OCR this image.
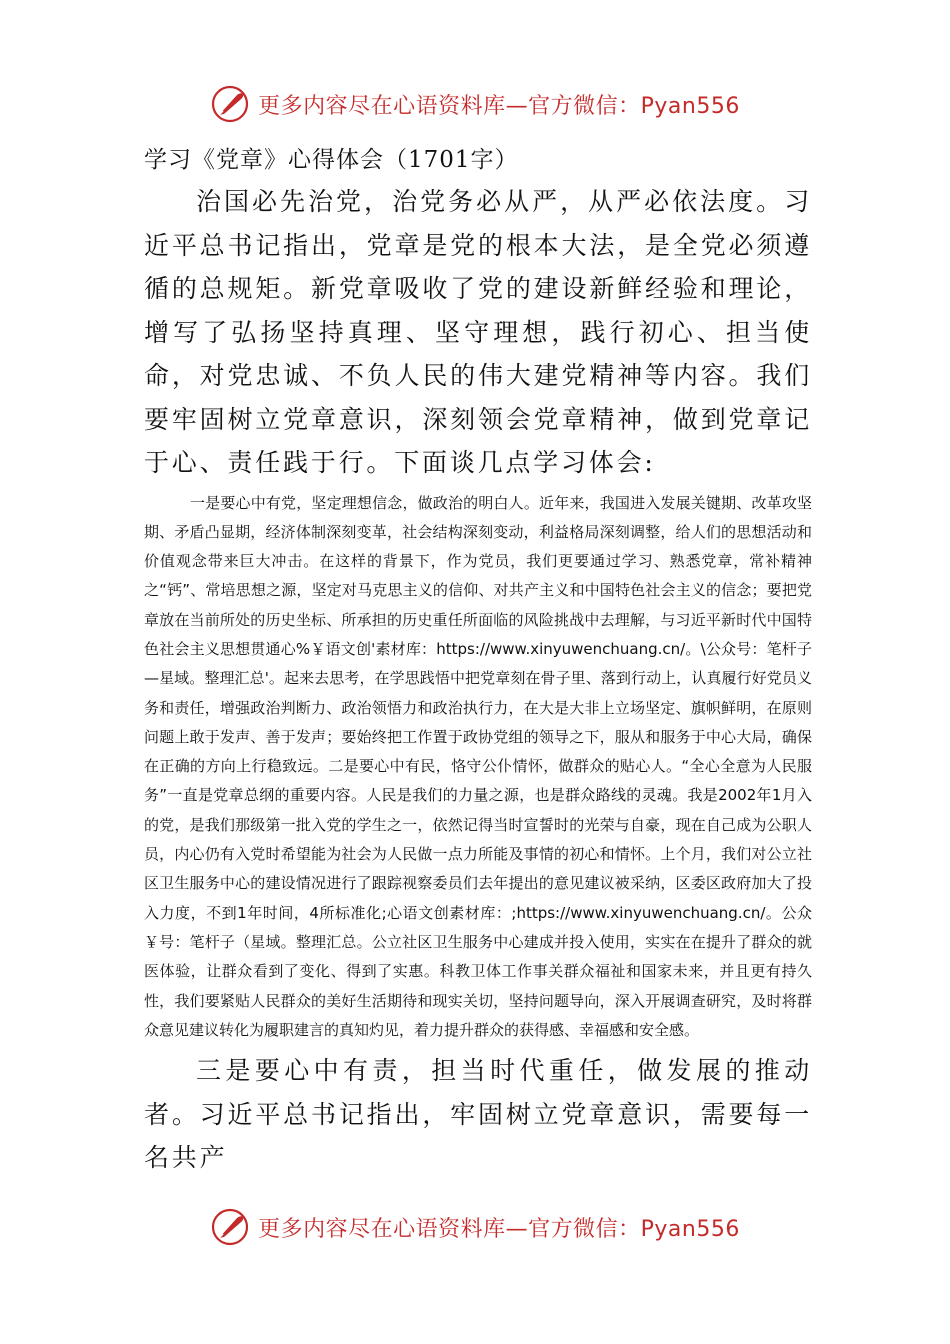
更多内容尽在心语资料库—官方微信：Pyan556
学习《党章》心得体会（1701字）

治国必先治党，治党务必从严，从严必依法度。习近平总书记指出，党章是党的根本大法，是全党必须遵循的总规矩。新党章吸收了党的建设新鲜经验和理论，增写了弘扬坚持真理、坚守理想，践行初心、担当使命，对党忠诚、不负人民的伟大建党精神等内容。我们要牢固树立党章意识，深刻领会党章精神，做到党章记于心、责任践于行。下面谈几点学习体会:

一是要心中有党，坚定理想信念，做政治的明白人。近年来，我国进入发展关键期、改革攻坚期、矛盾凸显期，经济体制深刻变革，社会结构深刻变动，利益格局深刻调整，给人们的思想活动和价值观念带来巨大冲击。在这样的背景下，作为党员，我们更要通过学习、熟悉党章，常补精神之“钙”、常培思想之源，坚定对马克思主义的信仰、对共产主义和中国特色社会主义的信念；要把党章放在当前所处的历史坐标、所承担的历史重任所面临的风险挑战中去理解，与习近平新时代中国特色社会主义思想贯通心%￥语文创'素材库：https://www.xinyuwenchuang.cn/。\公众号：笔杆子—星域。整理汇总'。起来去思考，在学思践悟中把党章刻在骨子里、落到行动上，认真履行好党员义务和责任，增强政治判断力、政治领悟力和政治执行力，在大是大非上立场坚定、旗帜鲜明，在原则问题上敢于发声、善于发声；要始终把工作置于政协党组的领导之下，服从和服务于中心大局，确保在正确的方向上行稳致远。二是要心中有民，恪守公仆情怀，做群众的贴心人。“全心全意为人民服务”一直是党章总纲的重要内容。人民是我们的力量之源，也是群众路线的灵魂。我是2002年1月入的党，是我们那级第一批入党的学生之一，依然记得当时宣誓时的光荣与自豪，现在自己成为公职人员，内心仍有入党时希望能为社会为人民做一点力所能及事情的初心和情怀。上个月，我们对公立社区卫生服务中心的建设情况进行了跟踪视察委员们去年提出的意见建议被采纳，区委区政府加大了投入力度，不到1年时间，4所标准化;心语文创素材库：;https://www.xinyuwenchuang.cn/。公众￥号：笔杆子（星域。整理汇总。公立社区卫生服务中心建成并投入使用，实实在在提升了群众的就医体验，让群众看到了变化、得到了实惠。科教卫体工作事关群众福祉和国家未来，并且更有持久性，我们要紧贴人民群众的美好生活期待和现实关切，坚持问题导向，深入开展调查研究，及时将群众意见建议转化为履职建言的真知灼见，着力提升群众的获得感、幸福感和安全感。

三是要心中有责，担当时代重任，做发展的推动者。习近平总书记指出，牢固树立党章意识，需要每一名共产

更多内容尽在心语资料库—官方微信：Pyan556
